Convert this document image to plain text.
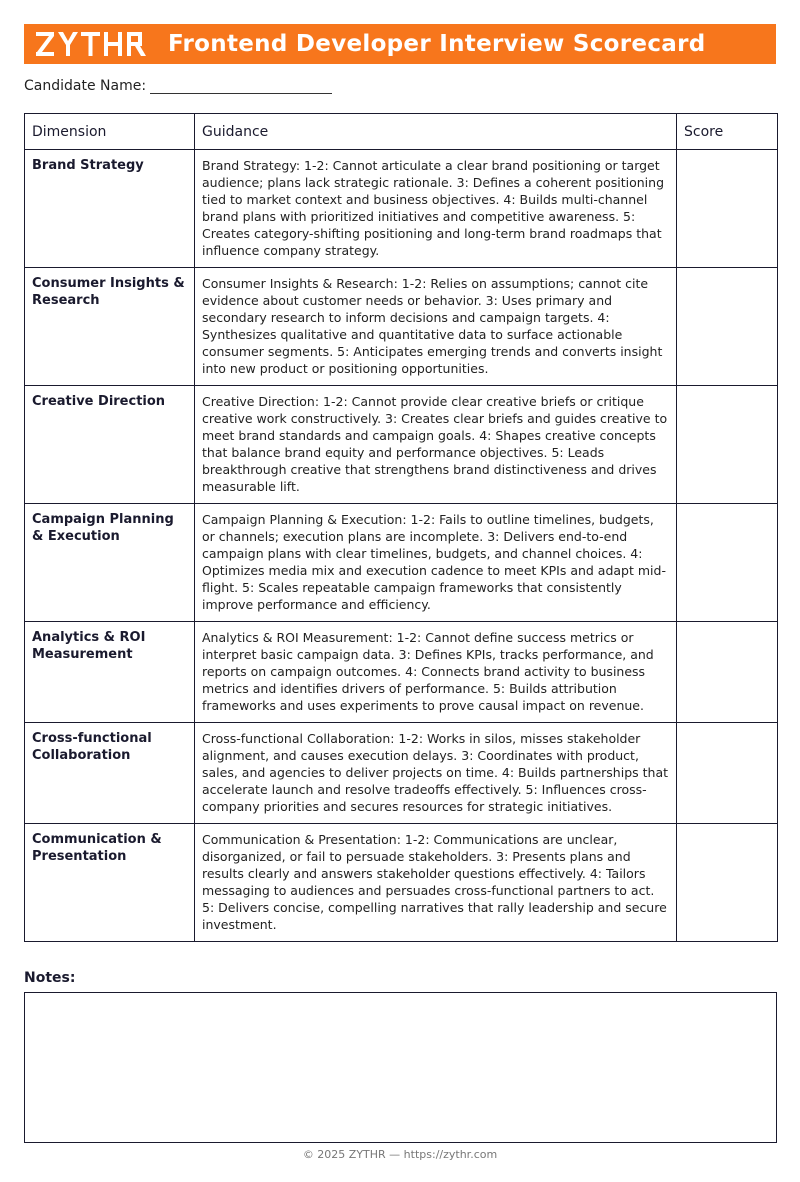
Frontend Developer Interview Scorecard
Candidate Name:
Dimension	Guidance	Score
Brand Strategy	Brand Strategy: 1-2: Cannot articulate a clear brand positioning or target audience; plans lack strategic rationale. 3: Defines a coherent positioning tied to market context and business objectives. 4: Builds multi-channel brand plans with prioritized initiatives and competitive awareness. 5: Creates category-shifting positioning and long-term brand roadmaps that influence company strategy.	
Consumer Insights & Research	Consumer Insights & Research: 1-2: Relies on assumptions; cannot cite evidence about customer needs or behavior. 3: Uses primary and secondary research to inform decisions and campaign targets. 4: Synthesizes qualitative and quantitative data to surface actionable consumer segments. 5: Anticipates emerging trends and converts insight into new product or positioning opportunities.	
Creative Direction	Creative Direction: 1-2: Cannot provide clear creative briefs or critique creative work constructively. 3: Creates clear briefs and guides creative to meet brand standards and campaign goals. 4: Shapes creative concepts that balance brand equity and performance objectives. 5: Leads breakthrough creative that strengthens brand distinctiveness and drives measurable lift.	
Campaign Planning & Execution	Campaign Planning & Execution: 1-2: Fails to outline timelines, budgets, or channels; execution plans are incomplete. 3: Delivers end-to-end campaign plans with clear timelines, budgets, and channel choices. 4: Optimizes media mix and execution cadence to meet KPIs and adapt mid-flight. 5: Scales repeatable campaign frameworks that consistently improve performance and efficiency.	
Analytics & ROI Measurement	Analytics & ROI Measurement: 1-2: Cannot define success metrics or interpret basic campaign data. 3: Defines KPIs, tracks performance, and reports on campaign outcomes. 4: Connects brand activity to business metrics and identifies drivers of performance. 5: Builds attribution frameworks and uses experiments to prove causal impact on revenue.	
Cross-functional Collaboration	Cross-functional Collaboration: 1-2: Works in silos, misses stakeholder alignment, and causes execution delays. 3: Coordinates with product, sales, and agencies to deliver projects on time. 4: Builds partnerships that accelerate launch and resolve tradeoffs effectively. 5: Influences cross-company priorities and secures resources for strategic initiatives.	
Communication & Presentation	Communication & Presentation: 1-2: Communications are unclear, disorganized, or fail to persuade stakeholders. 3: Presents plans and results clearly and answers stakeholder questions effectively. 4: Tailors messaging to audiences and persuades cross-functional partners to act. 5: Delivers concise, compelling narratives that rally leadership and secure investment.	
Notes:
© 2025 ZYTHR — https://zythr.com
